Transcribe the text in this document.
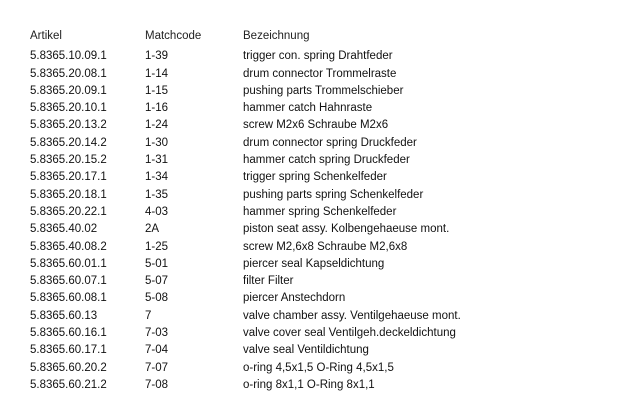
Artikel	Matchcode	Bezeichnung
5.8365.10.09.1	1-39	trigger con. spring Drahtfeder
5.8365.20.08.1	1-14	drum connector Trommelraste
5.8365.20.09.1	1-15	pushing parts Trommelschieber
5.8365.20.10.1	1-16	hammer catch Hahnraste
5.8365.20.13.2	1-24	screw M2x6 Schraube M2x6
5.8365.20.14.2	1-30	drum connector spring Druckfeder
5.8365.20.15.2	1-31	hammer catch spring Druckfeder
5.8365.20.17.1	1-34	trigger spring Schenkelfeder
5.8365.20.18.1	1-35	pushing parts spring Schenkelfeder
5.8365.20.22.1	4-03	hammer spring Schenkelfeder
5.8365.40.02	2A	piston seat assy. Kolbengehaeuse mont.
5.8365.40.08.2	1-25	screw M2,6x8 Schraube M2,6x8
5.8365.60.01.1	5-01	piercer seal Kapseldichtung
5.8365.60.07.1	5-07	filter Filter
5.8365.60.08.1	5-08	piercer Anstechdorn
5.8365.60.13	7	valve chamber assy. Ventilgehaeuse mont.
5.8365.60.16.1	7-03	valve cover seal Ventilgeh.deckeldichtung
5.8365.60.17.1	7-04	valve seal Ventildichtung
5.8365.60.20.2	7-07	o-ring 4,5x1,5 O-Ring 4,5x1,5
5.8365.60.21.2	7-08	o-ring 8x1,1 O-Ring 8x1,1
